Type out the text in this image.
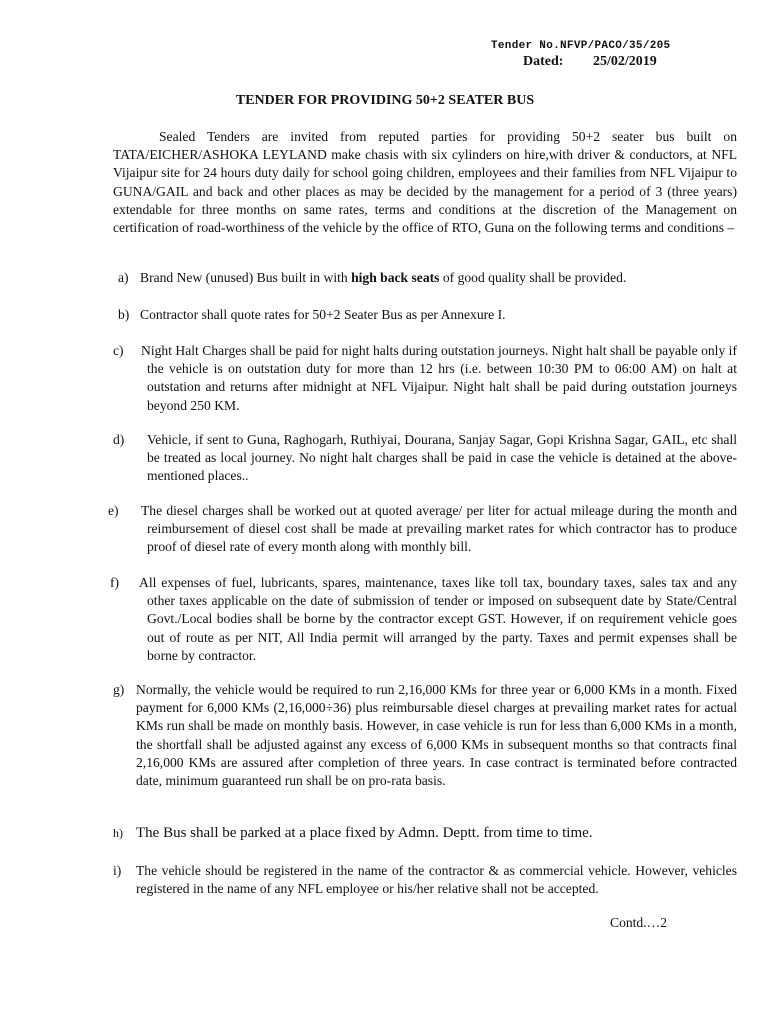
Tender No.NFVP/PACO/35/205
Dated: 25/02/2019
TENDER FOR PROVIDING 50+2 SEATER BUS
Sealed Tenders are invited from reputed parties for providing 50+2 seater bus built on TATA/EICHER/ASHOKA LEYLAND make chasis with six cylinders on hire,with driver & conductors, at NFL Vijaipur site for 24 hours duty daily for school going children, employees and their families from NFL Vijaipur to GUNA/GAIL and back and other places as may be decided by the management for a period of 3 (three years) extendable for three months on same rates, terms and conditions at the discretion of the Management on certification of road-worthiness of the vehicle by the office of RTO, Guna on the following terms and conditions –
a) Brand New (unused) Bus built in with high back seats of good quality shall be provided.
b) Contractor shall quote rates for 50+2 Seater Bus as per Annexure I.
c) Night Halt Charges shall be paid for night halts during outstation journeys. Night halt shall be payable only if the vehicle is on outstation duty for more than 12 hrs (i.e. between 10:30 PM to 06:00 AM) on halt at outstation and returns after midnight at NFL Vijaipur. Night halt shall be paid during outstation journeys beyond 250 KM.
d) Vehicle, if sent to Guna, Raghogarh, Ruthiyai, Dourana, Sanjay Sagar, Gopi Krishna Sagar, GAIL, etc shall be treated as local journey. No night halt charges shall be paid in case the vehicle is detained at the above-mentioned places..
e) The diesel charges shall be worked out at quoted average/ per liter for actual mileage during the month and reimbursement of diesel cost shall be made at prevailing market rates for which contractor has to produce proof of diesel rate of every month along with monthly bill.
f) All expenses of fuel, lubricants, spares, maintenance, taxes like toll tax, boundary taxes, sales tax and any other taxes applicable on the date of submission of tender or imposed on subsequent date by State/Central Govt./Local bodies shall be borne by the contractor except GST. However, if on requirement vehicle goes out of route as per NIT, All India permit will arranged by the party. Taxes and permit expenses shall be borne by contractor.
g) Normally, the vehicle would be required to run 2,16,000 KMs for three year or 6,000 KMs in a month. Fixed payment for 6,000 KMs (2,16,000÷36) plus reimbursable diesel charges at prevailing market rates for actual KMs run shall be made on monthly basis. However, in case vehicle is run for less than 6,000 KMs in a month, the shortfall shall be adjusted against any excess of 6,000 KMs in subsequent months so that contracts final 2,16,000 KMs are assured after completion of three years. In case contract is terminated before contracted date, minimum guaranteed run shall be on pro-rata basis.
h) The Bus shall be parked at a place fixed by Admn. Deptt. from time to time.
i) The vehicle should be registered in the name of the contractor & as commercial vehicle. However, vehicles registered in the name of any NFL employee or his/her relative shall not be accepted.
Contd.…2
